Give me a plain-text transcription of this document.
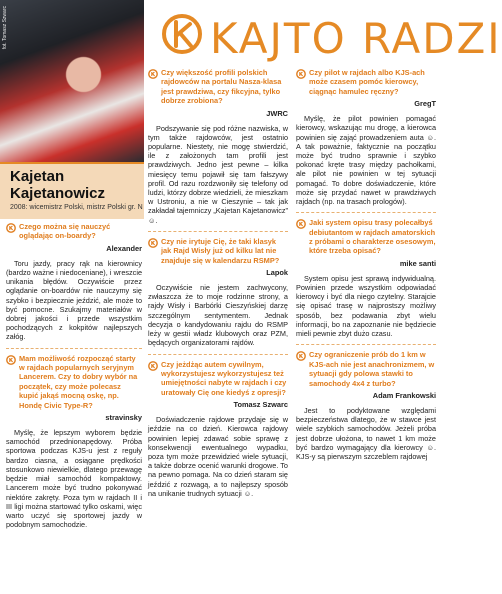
fot. Tomasz Szwarc	KAJTO RADZI
Kajetan
Kajetanowicz
2008: wicemistrz Polski, mistrz Polski gr. N
Czego można się nauczyć oglądając on-boardy?
Alexander

Toru jazdy, pracy rąk na kierownicy (bardzo ważne i niedoceniane), i wreszcie unikania błędów. Oczywiście przez oglądanie on-boardów nie nauczymy się szybko i bezpiecznie jeździć, ale może to być pomocne. Szukajmy materiałów w dobrej jakości i przede wszystkim pochodzących z kokpitów najlepszych załóg.

Mam możliwość rozpocząć starty w rajdach popularnych seryjnym Lancerem. Czy to dobry wybór na początek, czy może polecasz kupić jakąś mocną oskę, np. Hondę Civic Type-R?
stravinsky

Myślę, że lepszym wyborem będzie samochód przednionapędowy. Próba sportowa podczas KJS-u jest z reguły bardzo ciasna, a osiągane prędkości stosunkowo niewielkie, dlatego przewagę będzie miał samochód kompaktowy. Lancerem może być trudno pokonywać niektóre zakręty. Poza tym w rajdach II i III ligi można startować tylko oskami, więc warto uczyć się sportowej jazdy w podobnym samochodzie.

Czy większość profili polskich rajdowców na portalu Nasza-klasa jest prawdziwa, czy fikcyjna, tylko dobrze zrobiona?
JWRC

Podszywanie się pod różne nazwiska, w tym także rajdowców, jest ostatnio popularne. Niestety, nie mogę stwierdzić, ile z założonych tam profili jest prawdziwych. Jedno jest pewne – kilka miesięcy temu pojawił się tam fałszywy profil. Od razu rozdzwoniły się telefony od ludzi, którzy dobrze wiedzieli, że mieszkam w Ustroniu, a nie w Cieszynie – tak jak zakładał tajemniczy „Kajetan Kajetanowicz” ☺.

Czy nie irytuje Cię, że taki klasyk jak Rajd Wisły już od kilku lat nie znajduje się w kalendarzu RSMP?
Lapok

Oczywiście nie jestem zachwycony, zwłaszcza że to moje rodzinne strony, a rajdy Wisły i Barbórki Cieszyńskiej darzę szczególnym sentymentem. Jednak decyzja o kandydowaniu rajdu do RSMP leży w gestii władz klubowych oraz PZM, będących organizatorami rajdów.

Czy jeżdżąc autem cywilnym, wykorzystujesz wykorzystujesz też umiejętności nabyte w rajdach i czy uratowały Cię one kiedyś z opresji?
Tomasz Szwarc

Doświadczenie rajdowe przydaje się w jeździe na co dzień. Kierowca rajdowy powinien lepiej zdawać sobie sprawę z konsekwencji ewentualnego wypadku, poza tym może przewidzieć wiele sytuacji, a także dobrze ocenić warunki drogowe. To na pewno pomaga. Na co dzień staram się jeździć z rozwagą, a to najlepszy sposób na unikanie trudnych sytuacji ☺.

Czy pilot w rajdach albo KJS-ach może czasem pomóc kierowcy, ciągnąc hamulec ręczny?
GregT

Myślę, że pilot powinien pomagać kierowcy, wskazując mu drogę, a kierowca powinien się zająć prowadzeniem auta ☺. A tak poważnie, faktycznie na początku może być trudno sprawnie i szybko pokonać kręte trasy między pachołkami, ale pilot nie powinien w tej sytuacji pomagać. To dobre doświadczenie, które może się przydać nawet w prawdziwych rajdach (np. na trasach prologów).

Jaki system opisu trasy polecałbyś debiutantom w rajdach amatorskich z próbami o charakterze osesowym, które trzeba opisać?
mike santi

System opisu jest sprawą indywidualną. Powinien przede wszystkim odpowiadać kierowcy i być dla niego czytelny. Starajcie się opisać trasę w najprostszy możliwy sposób, bez podawania zbyt wielu informacji, bo na zapoznanie nie będziecie mieli pewnie zbyt dużo czasu.

Czy ograniczenie prób do 1 km w KJS-ach nie jest anachronizmem, w sytuacji gdy polowa stawki to samochody 4x4 z turbo?
Adam Frankowski

Jest to podyktowane względami bezpieczeństwa dlatego, że w stawce jest wiele szybkich samochodów. Jeżeli próba jest dobrze ułożona, to nawet 1 km może być bardzo wymagający dla kierowcy ☺. KJS-y są pierwszym szczeblem rajdowej
